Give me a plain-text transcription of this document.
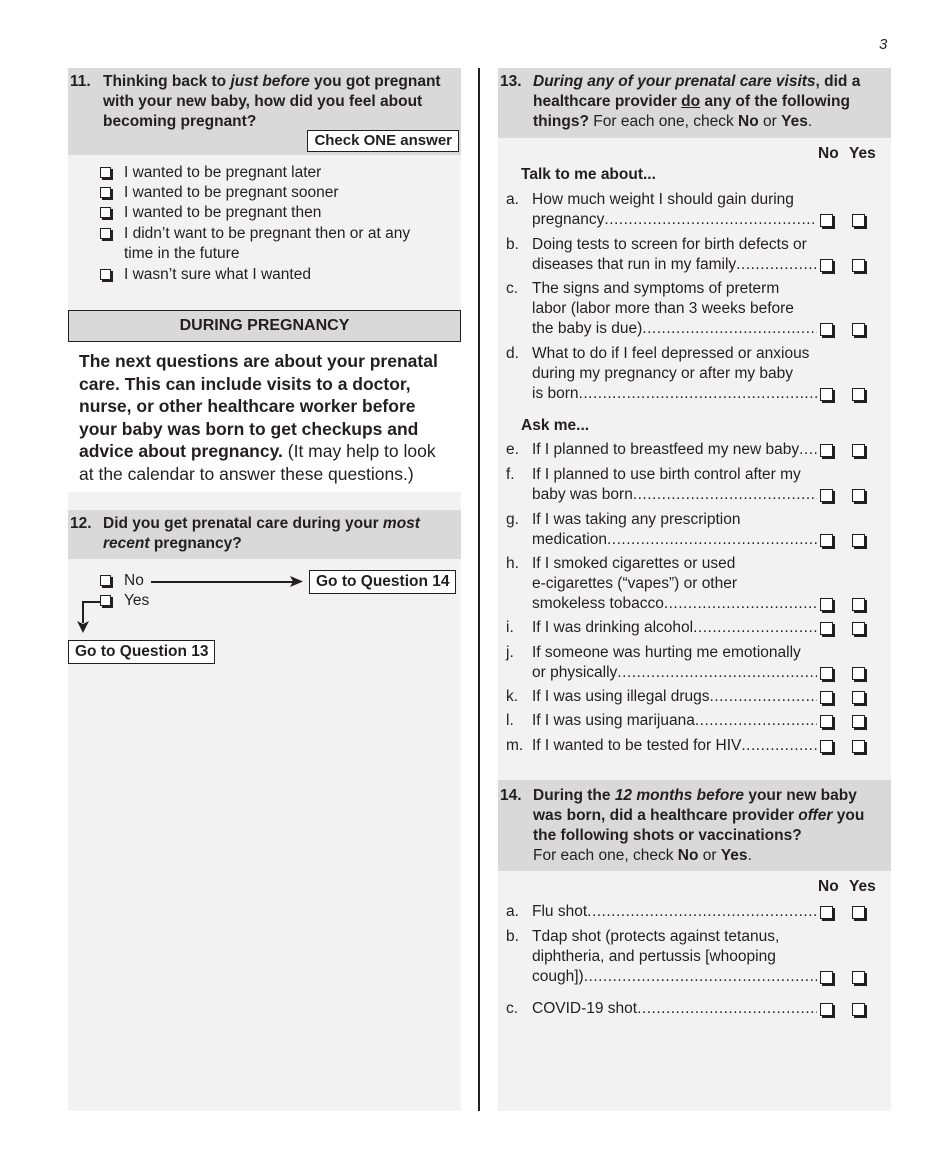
3
11. Thinking back to just before you got pregnant with your new baby, how did you feel about becoming pregnant?
Check ONE answer
I wanted to be pregnant later
I wanted to be pregnant sooner
I wanted to be pregnant then
I didn’t want to be pregnant then or at any time in the future
I wasn’t sure what I wanted
DURING PREGNANCY
The next questions are about your prenatal care. This can include visits to a doctor, nurse, or other healthcare worker before your baby was born to get checkups and advice about pregnancy. (It may help to look at the calendar to answer these questions.)
12. Did you get prenatal care during your most recent pregnancy?
No
Yes
Go to Question 14
Go to Question 13
13. During any of your prenatal care visits, did a healthcare provider do any of the following things? For each one, check No or Yes.
No Yes
Talk to me about...
a. How much weight I should gain during
pregnancy
.....
b. Doing tests to screen for birth defects or
diseases that run in my family
.....
c. The signs and symptoms of preterm
labor (labor more than 3 weeks before
the baby is due)
.....
d. What to do if I feel depressed or anxious
during my pregnancy or after my baby
is born
.....
e. If I planned to breastfeed my new baby
.....
f. If I planned to use birth control after my
baby was born
.....
g. If I was taking any prescription
medication
.....
h. If I smoked cigarettes or used
e-cigarettes (“vapes”) or other
smokeless tobacco
.....
i. If I was drinking alcohol
.....
j. If someone was hurting me emotionally
or physically
.....
k. If I was using illegal drugs
.....
l. If I was using marijuana
.....
m. If I wanted to be tested for HIV
.....
Ask me...
14. During the 12 months before your new baby was born, did a healthcare provider offer you the following shots or vaccinations?
For each one, check No or Yes.
No Yes
a. Flu shot
.....
b. Tdap shot (protects against tetanus,
diphtheria, and pertussis [whooping
cough])
.....
c. COVID-19 shot
.....
